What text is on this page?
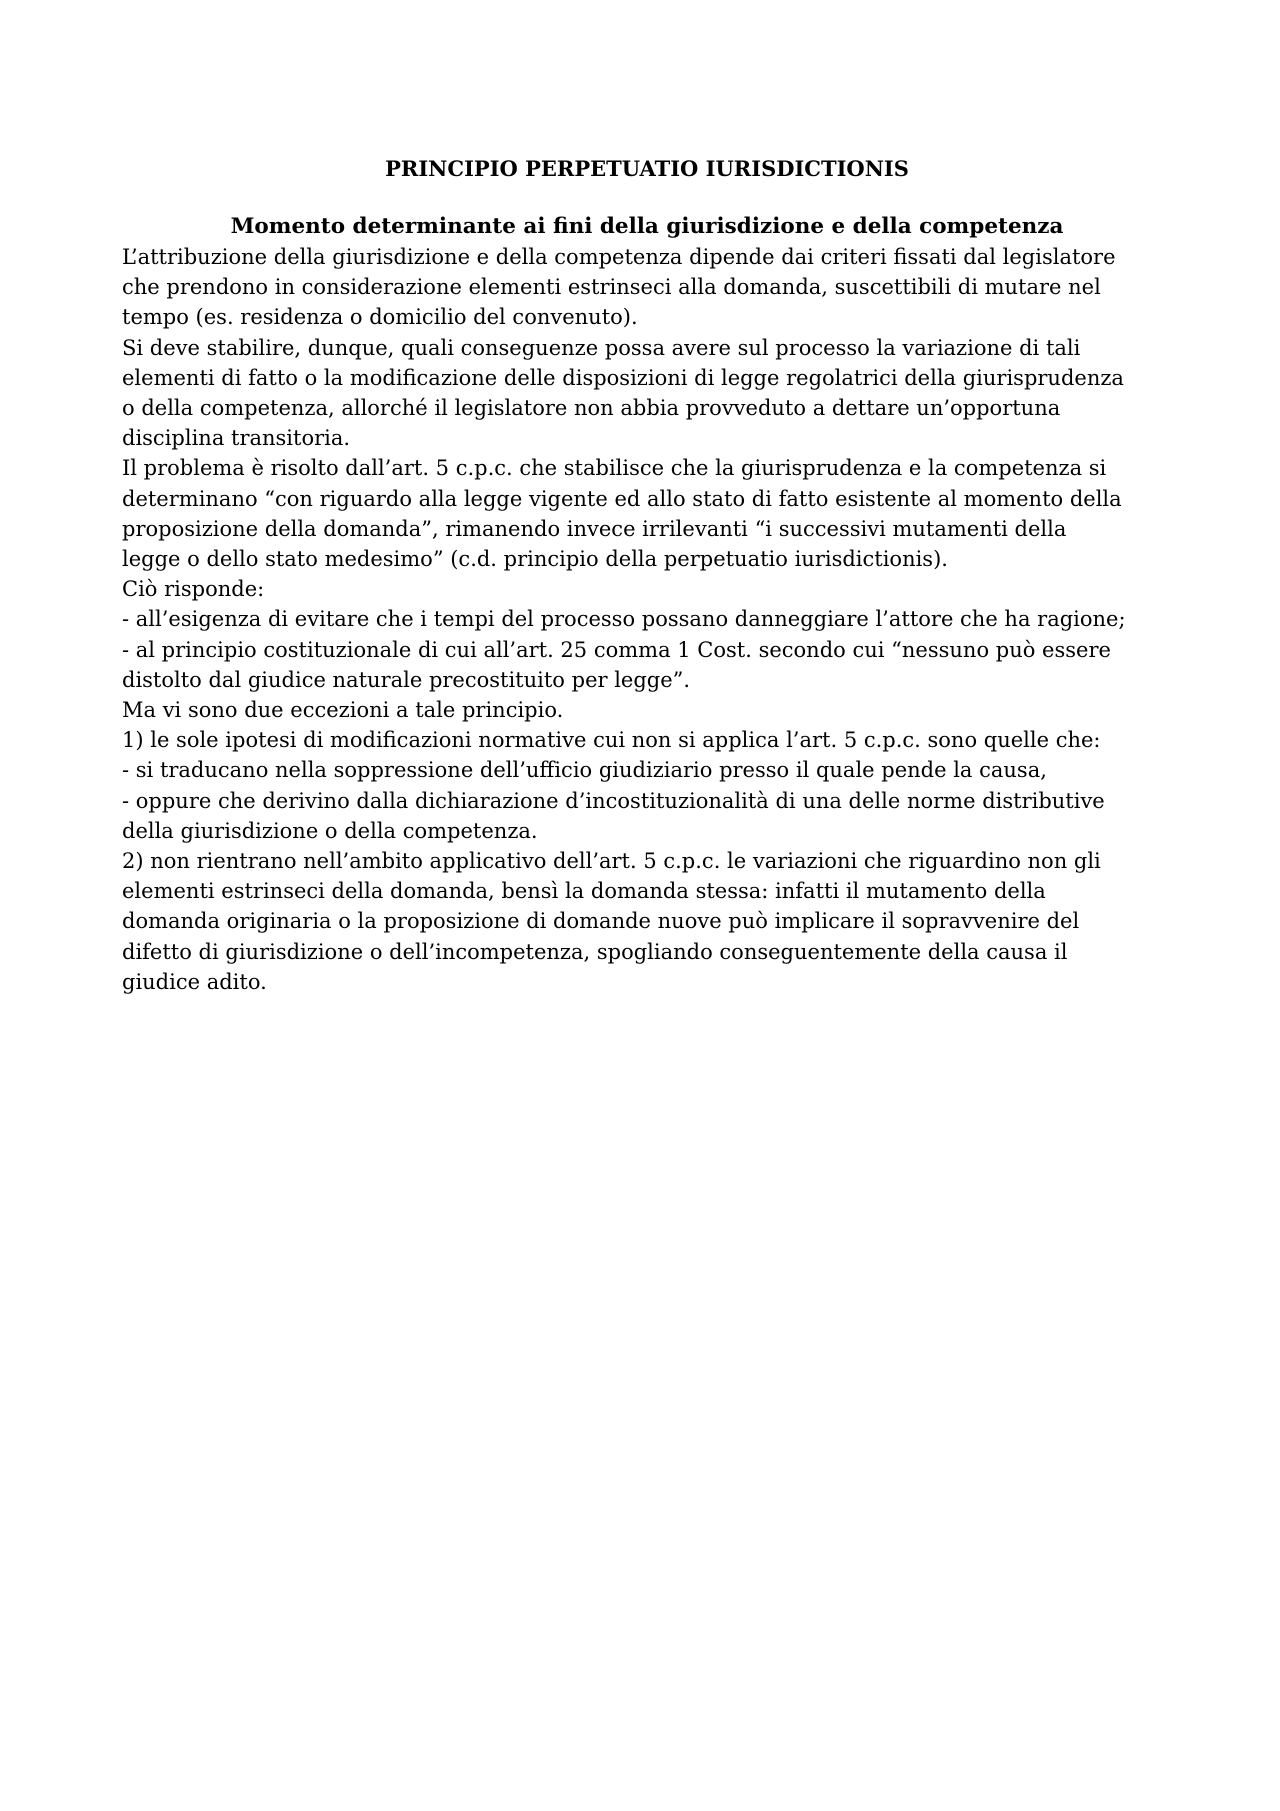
PRINCIPIO PERPETUATIO IURISDICTIONIS
Momento determinante ai fini della giurisdizione e della competenza

L’attribuzione della giurisdizione e della competenza dipende dai criteri fissati dal legislatore

che prendono in considerazione elementi estrinseci alla domanda, suscettibili di mutare nel

tempo (es. residenza o domicilio del convenuto).

Si deve stabilire, dunque, quali conseguenze possa avere sul processo la variazione di tali

elementi di fatto o la modificazione delle disposizioni di legge regolatrici della giurisprudenza

o della competenza, allorché il legislatore non abbia provveduto a dettare un’opportuna

disciplina transitoria.

Il problema è risolto dall’art. 5 c.p.c. che stabilisce che la giurisprudenza e la competenza si

determinano “con riguardo alla legge vigente ed allo stato di fatto esistente al momento della

proposizione della domanda”, rimanendo invece irrilevanti “i successivi mutamenti della

legge o dello stato medesimo” (c.d. principio della perpetuatio iurisdictionis).

Ciò risponde:

- all’esigenza di evitare che i tempi del processo possano danneggiare l’attore che ha ragione;

- al principio costituzionale di cui all’art. 25 comma 1 Cost. secondo cui “nessuno può essere

distolto dal giudice naturale precostituito per legge”.

Ma vi sono due eccezioni a tale principio.

1) le sole ipotesi di modificazioni normative cui non si applica l’art. 5 c.p.c. sono quelle che:

- si traducano nella soppressione dell’ufficio giudiziario presso il quale pende la causa,

- oppure che derivino dalla dichiarazione d’incostituzionalità di una delle norme distributive

della giurisdizione o della competenza.

2) non rientrano nell’ambito applicativo dell’art. 5 c.p.c. le variazioni che riguardino non gli

elementi estrinseci della domanda, bensì la domanda stessa: infatti il mutamento della

domanda originaria o la proposizione di domande nuove può implicare il sopravvenire del

difetto di giurisdizione o dell’incompetenza, spogliando conseguentemente della causa il

giudice adito.
